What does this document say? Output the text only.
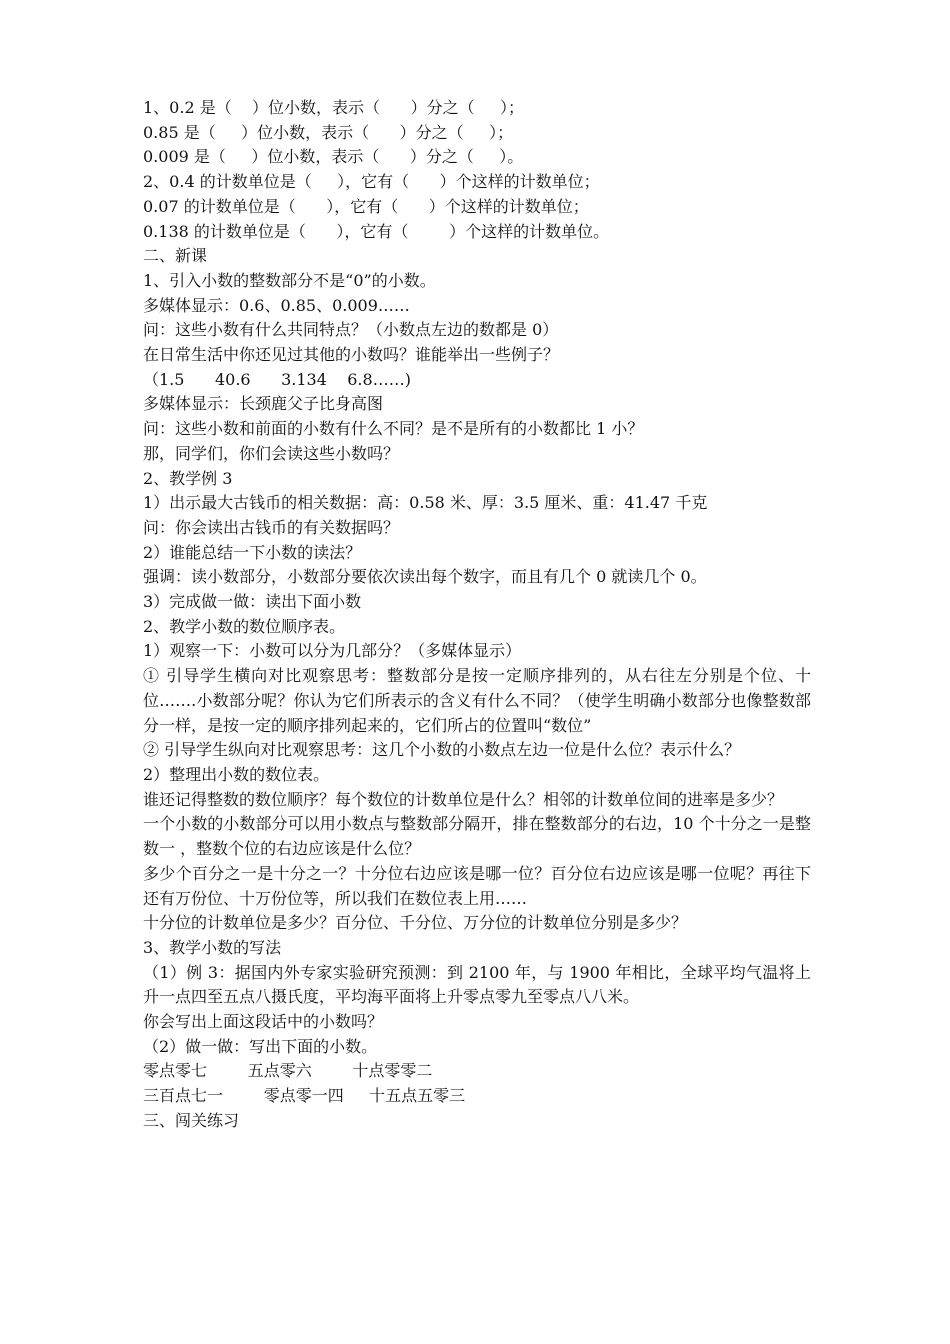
1、0.2 是（    ）位小数，表示（      ）分之（     ）；

0.85 是（     ）位小数，表示（      ）分之（     ）；

0.009 是（     ）位小数，表示（      ）分之（     ）。

2、0.4 的计数单位是（     ），它有（      ）个这样的计数单位；

0.07 的计数单位是（      ），它有（      ）个这样的计数单位；

0.138 的计数单位是（      ），它有（        ）个这样的计数单位。

二、新课

1、引入小数的整数部分不是“0”的小数。

多媒体显示：0.6、0.85、0.009……

问：这些小数有什么共同特点？（小数点左边的数都是 0）

在日常生活中你还见过其他的小数吗？谁能举出一些例子？

（1.5      40.6      3.134    6.8……)

多媒体显示：长颈鹿父子比身高图

问：这些小数和前面的小数有什么不同？是不是所有的小数都比 1 小？

那，同学们，你们会读这些小数吗？

2、教学例 3

1）出示最大古钱币的相关数据：高：0.58 米、厚：3.5 厘米、重：41.47 千克

问：你会读出古钱币的有关数据吗？

2）谁能总结一下小数的读法？

强调：读小数部分，小数部分要依次读出每个数字，而且有几个 0 就读几个 0。

3）完成做一做：读出下面小数

2、教学小数的数位顺序表。

1）观察一下：小数可以分为几部分？（多媒体显示）

① 引导学生横向对比观察思考：整数部分是按一定顺序排列的，从右往左分别是个位、十位…….小数部分呢？你认为它们所表示的含义有什么不同？（使学生明确小数部分也像整数部分一样，是按一定的顺序排列起来的，它们所占的位置叫“数位”

② 引导学生纵向对比观察思考：这几个小数的小数点左边一位是什么位？表示什么？

2）整理出小数的数位表。

谁还记得整数的数位顺序？每个数位的计数单位是什么？相邻的计数单位间的进率是多少？

一个小数的小数部分可以用小数点与整数部分隔开，排在整数部分的右边，10 个十分之一是整数一 ，整数个位的右边应该是什么位？

多少个百分之一是十分之一？十分位右边应该是哪一位？百分位右边应该是哪一位呢？再往下还有万份位、十万份位等，所以我们在数位表上用……

十分位的计数单位是多少？百分位、千分位、万分位的计数单位分别是多少？

3、教学小数的写法

（1）例 3：据国内外专家实验研究预测：到 2100 年，与 1900 年相比，全球平均气温将上升一点四至五点八摄氏度，平均海平面将上升零点零九至零点八八米。

你会写出上面这段话中的小数吗？

（2）做一做：写出下面的小数。

零点零七        五点零六        十点零零二

三百点七一        零点零一四     十五点五零三

三、闯关练习
